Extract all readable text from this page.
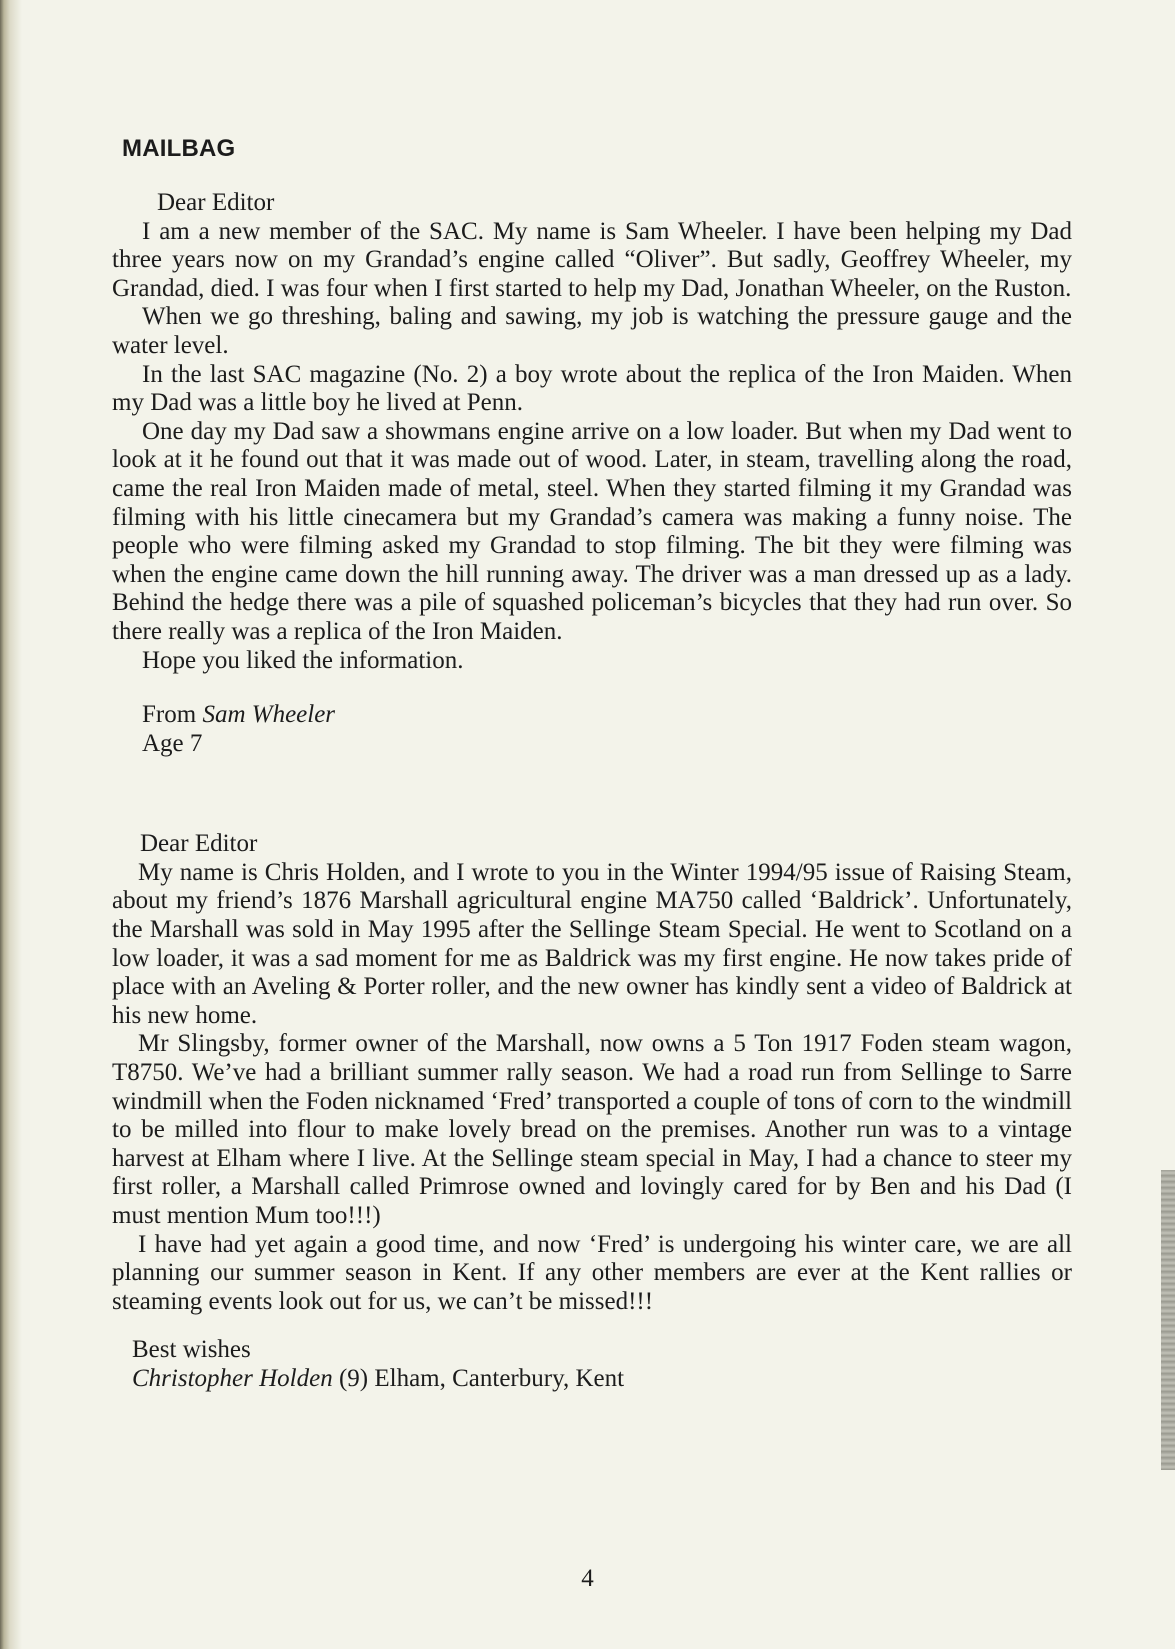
MAILBAG
Dear Editor

I am a new member of the SAC. My name is Sam Wheeler. I have been helping my Dad three years now on my Grandad’s engine called “Oliver”. But sadly, Geoffrey Wheeler, my Grandad, died. I was four when I first started to help my Dad, Jonathan Wheeler, on the Ruston.

When we go threshing, baling and sawing, my job is watching the pressure gauge and the water level.

In the last SAC magazine (No. 2) a boy wrote about the replica of the Iron Maiden. When my Dad was a little boy he lived at Penn.

One day my Dad saw a showmans engine arrive on a low loader. But when my Dad went to look at it he found out that it was made out of wood. Later, in steam, travelling along the road, came the real Iron Maiden made of metal, steel. When they started filming it my Grandad was filming with his little cinecamera but my Grandad’s camera was making a funny noise. The people who were filming asked my Grandad to stop filming. The bit they were filming was when the engine came down the hill running away. The driver was a man dressed up as a lady. Behind the hedge there was a pile of squashed policeman’s bicycles that they had run over. So there really was a replica of the Iron Maiden.

Hope you liked the information.

From Sam Wheeler
Age 7
Dear Editor

My name is Chris Holden, and I wrote to you in the Winter 1994/95 issue of Raising Steam, about my friend’s 1876 Marshall agricultural engine MA750 called ‘Baldrick’. Unfortunately, the Marshall was sold in May 1995 after the Sellinge Steam Special. He went to Scotland on a low loader, it was a sad moment for me as Baldrick was my first engine. He now takes pride of place with an Aveling & Porter roller, and the new owner has kindly sent a video of Baldrick at his new home.

Mr Slingsby, former owner of the Marshall, now owns a 5 Ton 1917 Foden steam wagon, T8750. We’ve had a brilliant summer rally season. We had a road run from Sellinge to Sarre windmill when the Foden nicknamed ‘Fred’ transported a couple of tons of corn to the windmill to be milled into flour to make lovely bread on the premises. Another run was to a vintage harvest at Elham where I live. At the Sellinge steam special in May, I had a chance to steer my first roller, a Marshall called Primrose owned and lovingly cared for by Ben and his Dad (I must mention Mum too!!!)

I have had yet again a good time, and now ‘Fred’ is undergoing his winter care, we are all planning our summer season in Kent. If any other members are ever at the Kent rallies or steaming events look out for us, we can’t be missed!!!

Best wishes
Christopher Holden (9) Elham, Canterbury, Kent
4
